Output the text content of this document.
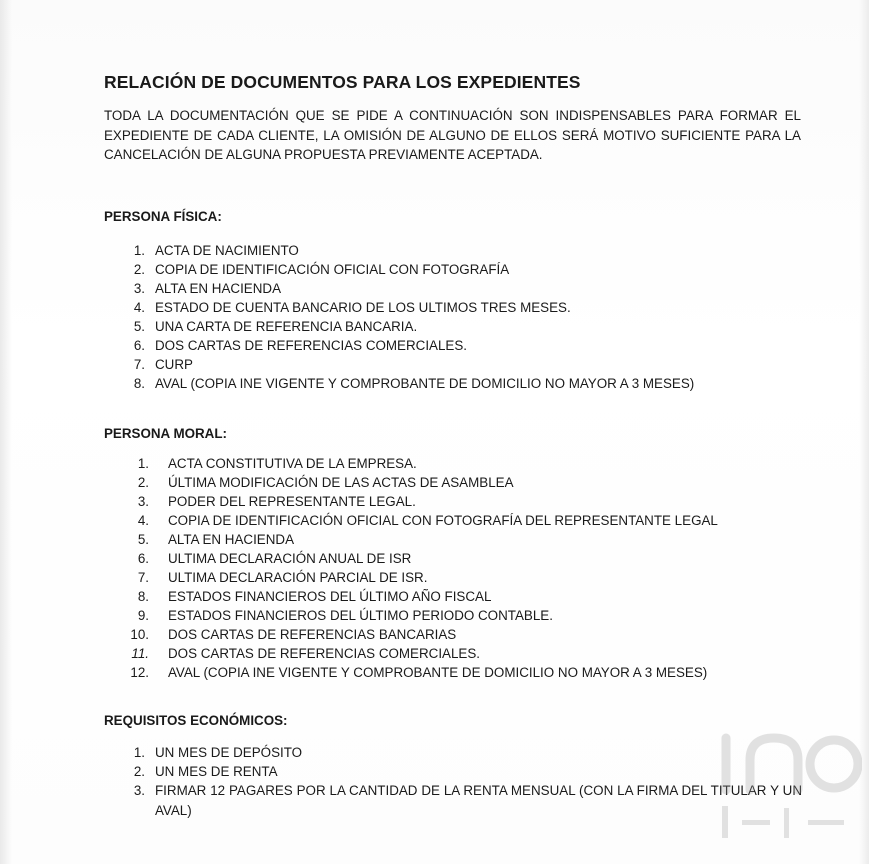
RELACIÓN DE DOCUMENTOS PARA LOS EXPEDIENTES
TODA LA DOCUMENTACIÓN QUE SE PIDE A CONTINUACIÓN SON INDISPENSABLES PARA FORMAR EL
EXPEDIENTE DE CADA CLIENTE, LA OMISIÓN DE ALGUNO DE ELLOS SERÁ MOTIVO SUFICIENTE PARA LA
CANCELACIÓN DE ALGUNA PROPUESTA PREVIAMENTE ACEPTADA.
PERSONA FÍSICA:
1. ACTA DE NACIMIENTO
2. COPIA DE IDENTIFICACIÓN OFICIAL CON FOTOGRAFÍA
3. ALTA EN HACIENDA
4. ESTADO DE CUENTA BANCARIO DE LOS ULTIMOS TRES MESES.
5. UNA CARTA DE REFERENCIA BANCARIA.
6. DOS CARTAS DE REFERENCIAS COMERCIALES.
7. CURP
8. AVAL (COPIA INE VIGENTE Y COMPROBANTE DE DOMICILIO NO MAYOR A 3 MESES)
PERSONA MORAL:
1. ACTA CONSTITUTIVA DE LA EMPRESA.
2. ÚLTIMA MODIFICACIÓN DE LAS ACTAS DE ASAMBLEA
3. PODER DEL REPRESENTANTE LEGAL.
4. COPIA DE IDENTIFICACIÓN OFICIAL CON FOTOGRAFÍA DEL REPRESENTANTE LEGAL
5. ALTA EN HACIENDA
6. ULTIMA DECLARACIÓN ANUAL DE ISR
7. ULTIMA DECLARACIÓN PARCIAL DE ISR.
8. ESTADOS FINANCIEROS DEL ÚLTIMO AÑO FISCAL
9. ESTADOS FINANCIEROS DEL ÚLTIMO PERIODO CONTABLE.
10. DOS CARTAS DE REFERENCIAS BANCARIAS
11. DOS CARTAS DE REFERENCIAS COMERCIALES.
12. AVAL (COPIA INE VIGENTE Y COMPROBANTE DE DOMICILIO NO MAYOR A 3 MESES)
REQUISITOS ECONÓMICOS:
1. UN MES DE DEPÓSITO
2. UN MES DE RENTA
3. FIRMAR 12 PAGARES POR LA CANTIDAD DE LA RENTA MENSUAL (CON LA FIRMA DEL TITULAR Y UN
AVAL)
